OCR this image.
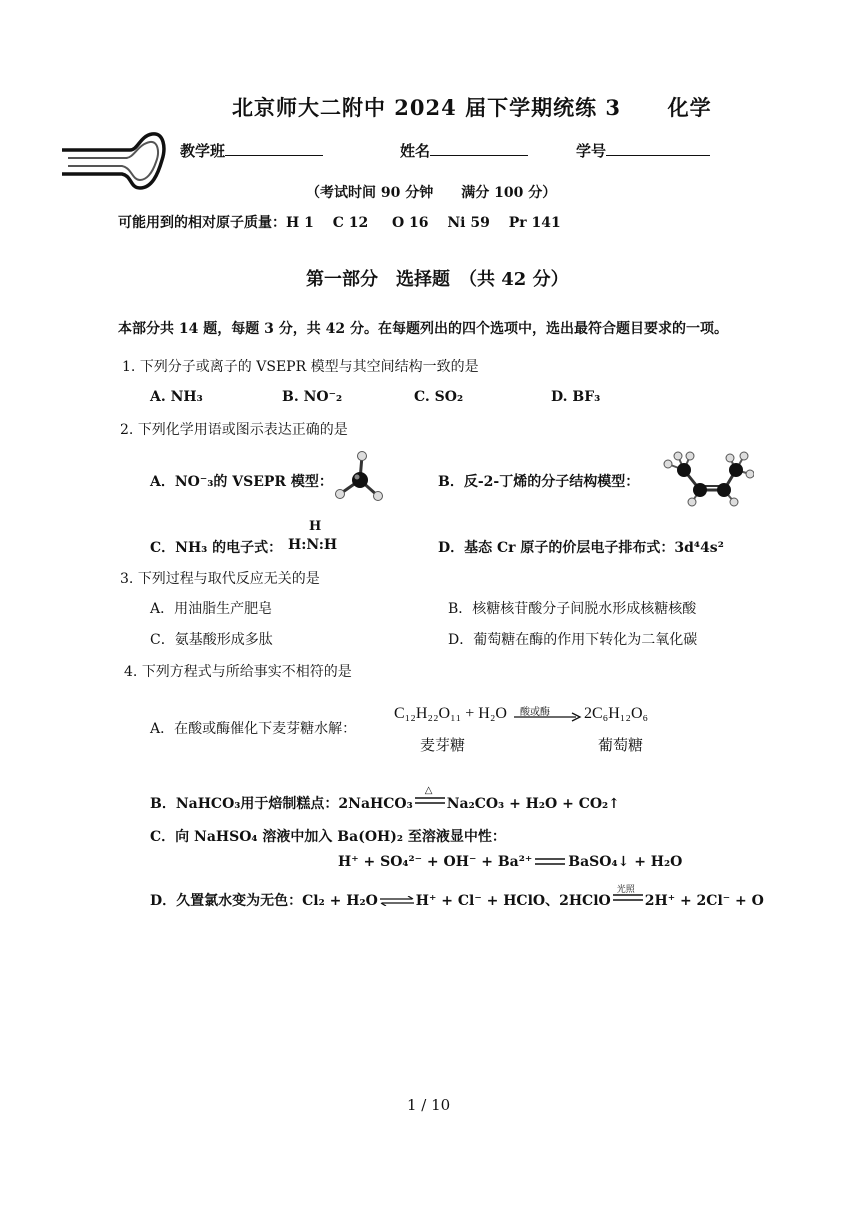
北京师大二附中 2024 届下学期统练 3 化学
教学班	姓名	学号
（考试时间 90 分钟　　满分 100 分）
可能用到的相对原子质量：H 1　 C 12 　 O 16 　Ni 59 　Pr 141
第一部分　选择题　（共 42 分）
本部分共 14 题，每题 3 分，共 42 分。在每题列出的四个选项中，选出最符合题目要求的一项。
1. 下列分子或离子的 VSEPR 模型与其空间结构一致的是
A. NH₃	B. NO⁻₂	C. SO₂	D. BF₃
2. 下列化学用语或图示表达正确的是
A．NO⁻₃的 VSEPR 模型：	B．反-2-丁烯的分子结构模型：
C．NH₃ 的电子式：
H
H:N:H	D．基态 Cr 原子的价层电子排布式：3d⁴4s²
3. 下列过程与取代反应无关的是
A．用油脂生产肥皂	B．核糖核苷酸分子间脱水形成核糖核酸
C．氨基酸形成多肽	D．葡萄糖在酶的作用下转化为二氧化碳
4. 下列方程式与所给事实不相符的是
A．在酸或酶催化下麦芽糖水解：
C₁₂H₂₂O₁₁ + H₂O 酸或酶 2C₆H₁₂O₆
麦芽糖	葡萄糖
B．NaHCO₃用于焙制糕点：2NaHCO₃
△
Na₂CO₃ + H₂O + CO₂↑
C．向 NaHSO₄ 溶液中加入 Ba(OH)₂ 至溶液显中性：
H⁺ + SO₄²⁻ + OH⁻ + Ba²⁺	BaSO₄↓ + H₂O
D．久置氯水变为无色：Cl₂ + H₂O ⇌ H⁺ + Cl⁻ + HClO、2HClO
光照
2H⁺ + 2Cl⁻ + O
1 / 10
